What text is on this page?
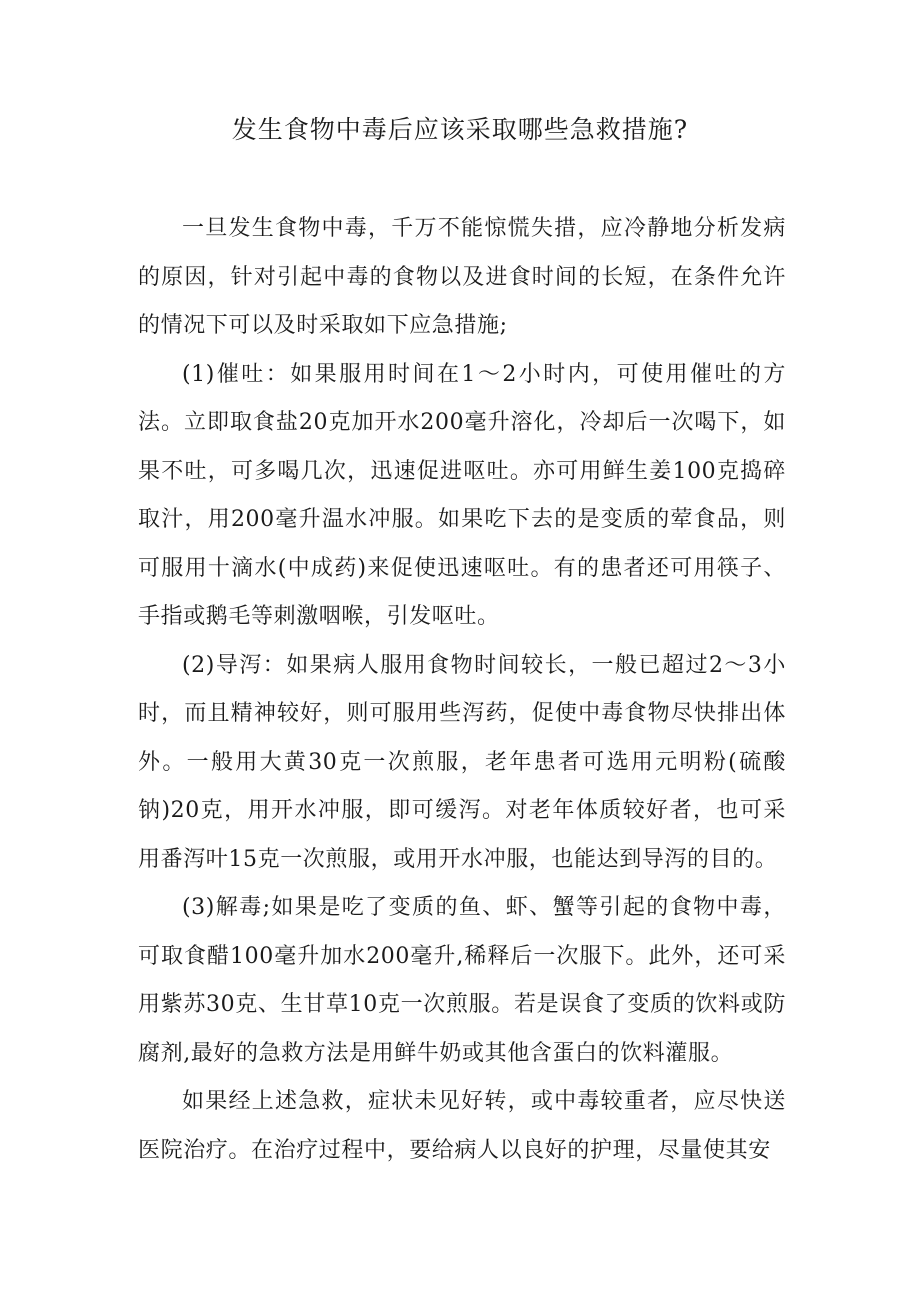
发生食物中毒后应该采取哪些急救措施?

一旦发生食物中毒，千万不能惊慌失措，应冷静地分析发病的原因，针对引起中毒的食物以及进食时间的长短，在条件允许的情况下可以及时采取如下应急措施;

(1)催吐：如果服用时间在1～2小时内，可使用催吐的方法。立即取食盐20克加开水200毫升溶化，冷却后一次喝下，如果不吐，可多喝几次，迅速促进呕吐。亦可用鲜生姜100克捣碎取汁，用200毫升温水冲服。如果吃下去的是变质的荤食品，则可服用十滴水(中成药)来促使迅速呕吐。有的患者还可用筷子、手指或鹅毛等刺激咽喉，引发呕吐。

(2)导泻：如果病人服用食物时间较长，一般已超过2～3小时，而且精神较好，则可服用些泻药，促使中毒食物尽快排出体外。一般用大黄30克一次煎服，老年患者可选用元明粉(硫酸钠)20克，用开水冲服，即可缓泻。对老年体质较好者，也可采用番泻叶15克一次煎服，或用开水冲服，也能达到导泻的目的。

(3)解毒;如果是吃了变质的鱼、虾、蟹等引起的食物中毒，可取食醋100毫升加水200毫升,稀释后一次服下。此外，还可采用紫苏30克、生甘草10克一次煎服。若是误食了变质的饮料或防腐剂,最好的急救方法是用鲜牛奶或其他含蛋白的饮料灌服。

如果经上述急救，症状未见好转，或中毒较重者，应尽快送医院治疗。在治疗过程中，要给病人以良好的护理，尽量使其安
